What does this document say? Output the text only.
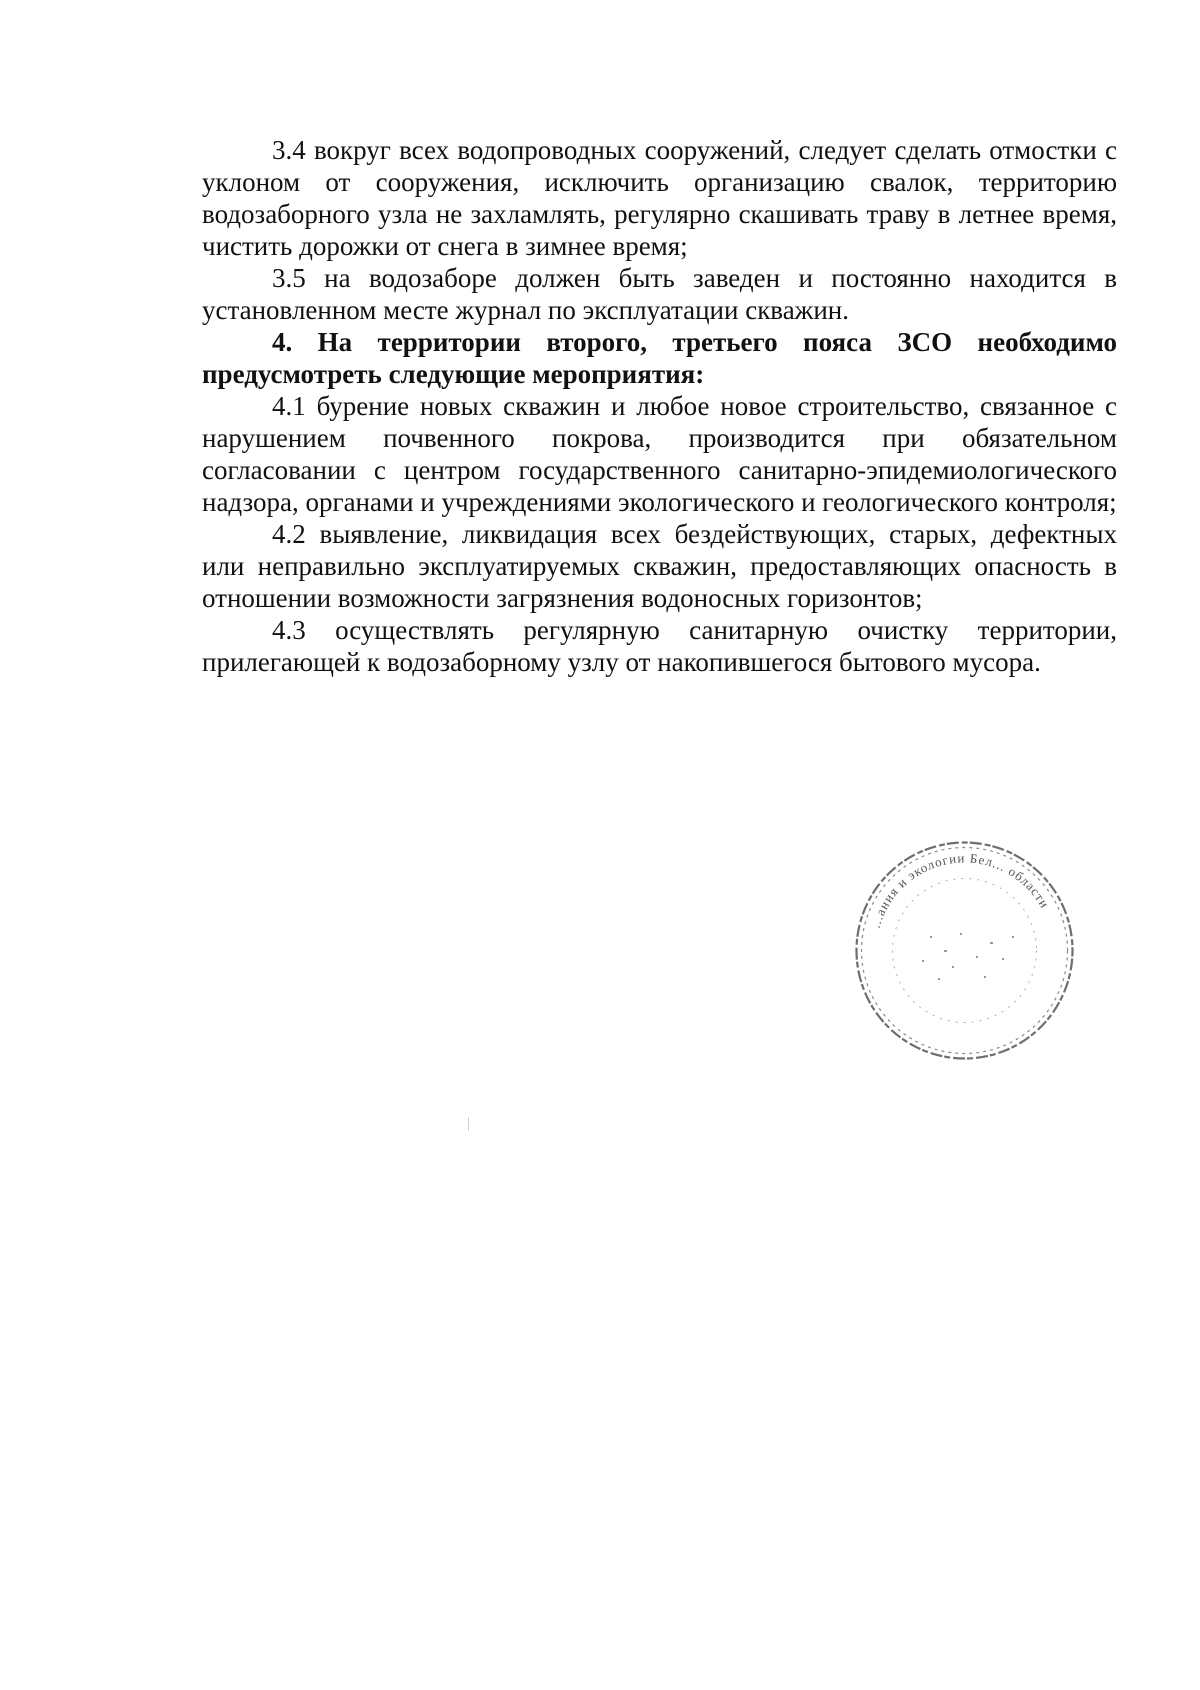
3.4 вокруг всех водопроводных сооружений, следует сделать отмостки с уклоном от сооружения, исключить организацию свалок, территорию водозаборного узла не захламлять, регулярно скашивать траву в летнее время, чистить дорожки от снега в зимнее время;

3.5 на водозаборе должен быть заведен и постоянно находится в установленном месте журнал по эксплуатации скважин.

4. На территории второго, третьего пояса ЗСО необходимо предусмотреть следующие мероприятия:

4.1 бурение новых скважин и любое новое строительство, связанное с нарушением почвенного покрова, производится при обязательном согласовании с центром государственного санитарно-эпидемиологического надзора, органами и учреждениями экологического и геологического контроля;

4.2 выявление, ликвидация всех бездействующих, старых, дефектных или неправильно эксплуатируемых скважин, предоставляющих опасность в отношении возможности загрязнения водоносных горизонтов;

4.3 осуществлять регулярную санитарную очистку территории, прилегающей к водозаборному узлу от накопившегося бытового мусора.

...ания и экологии Бел... области
